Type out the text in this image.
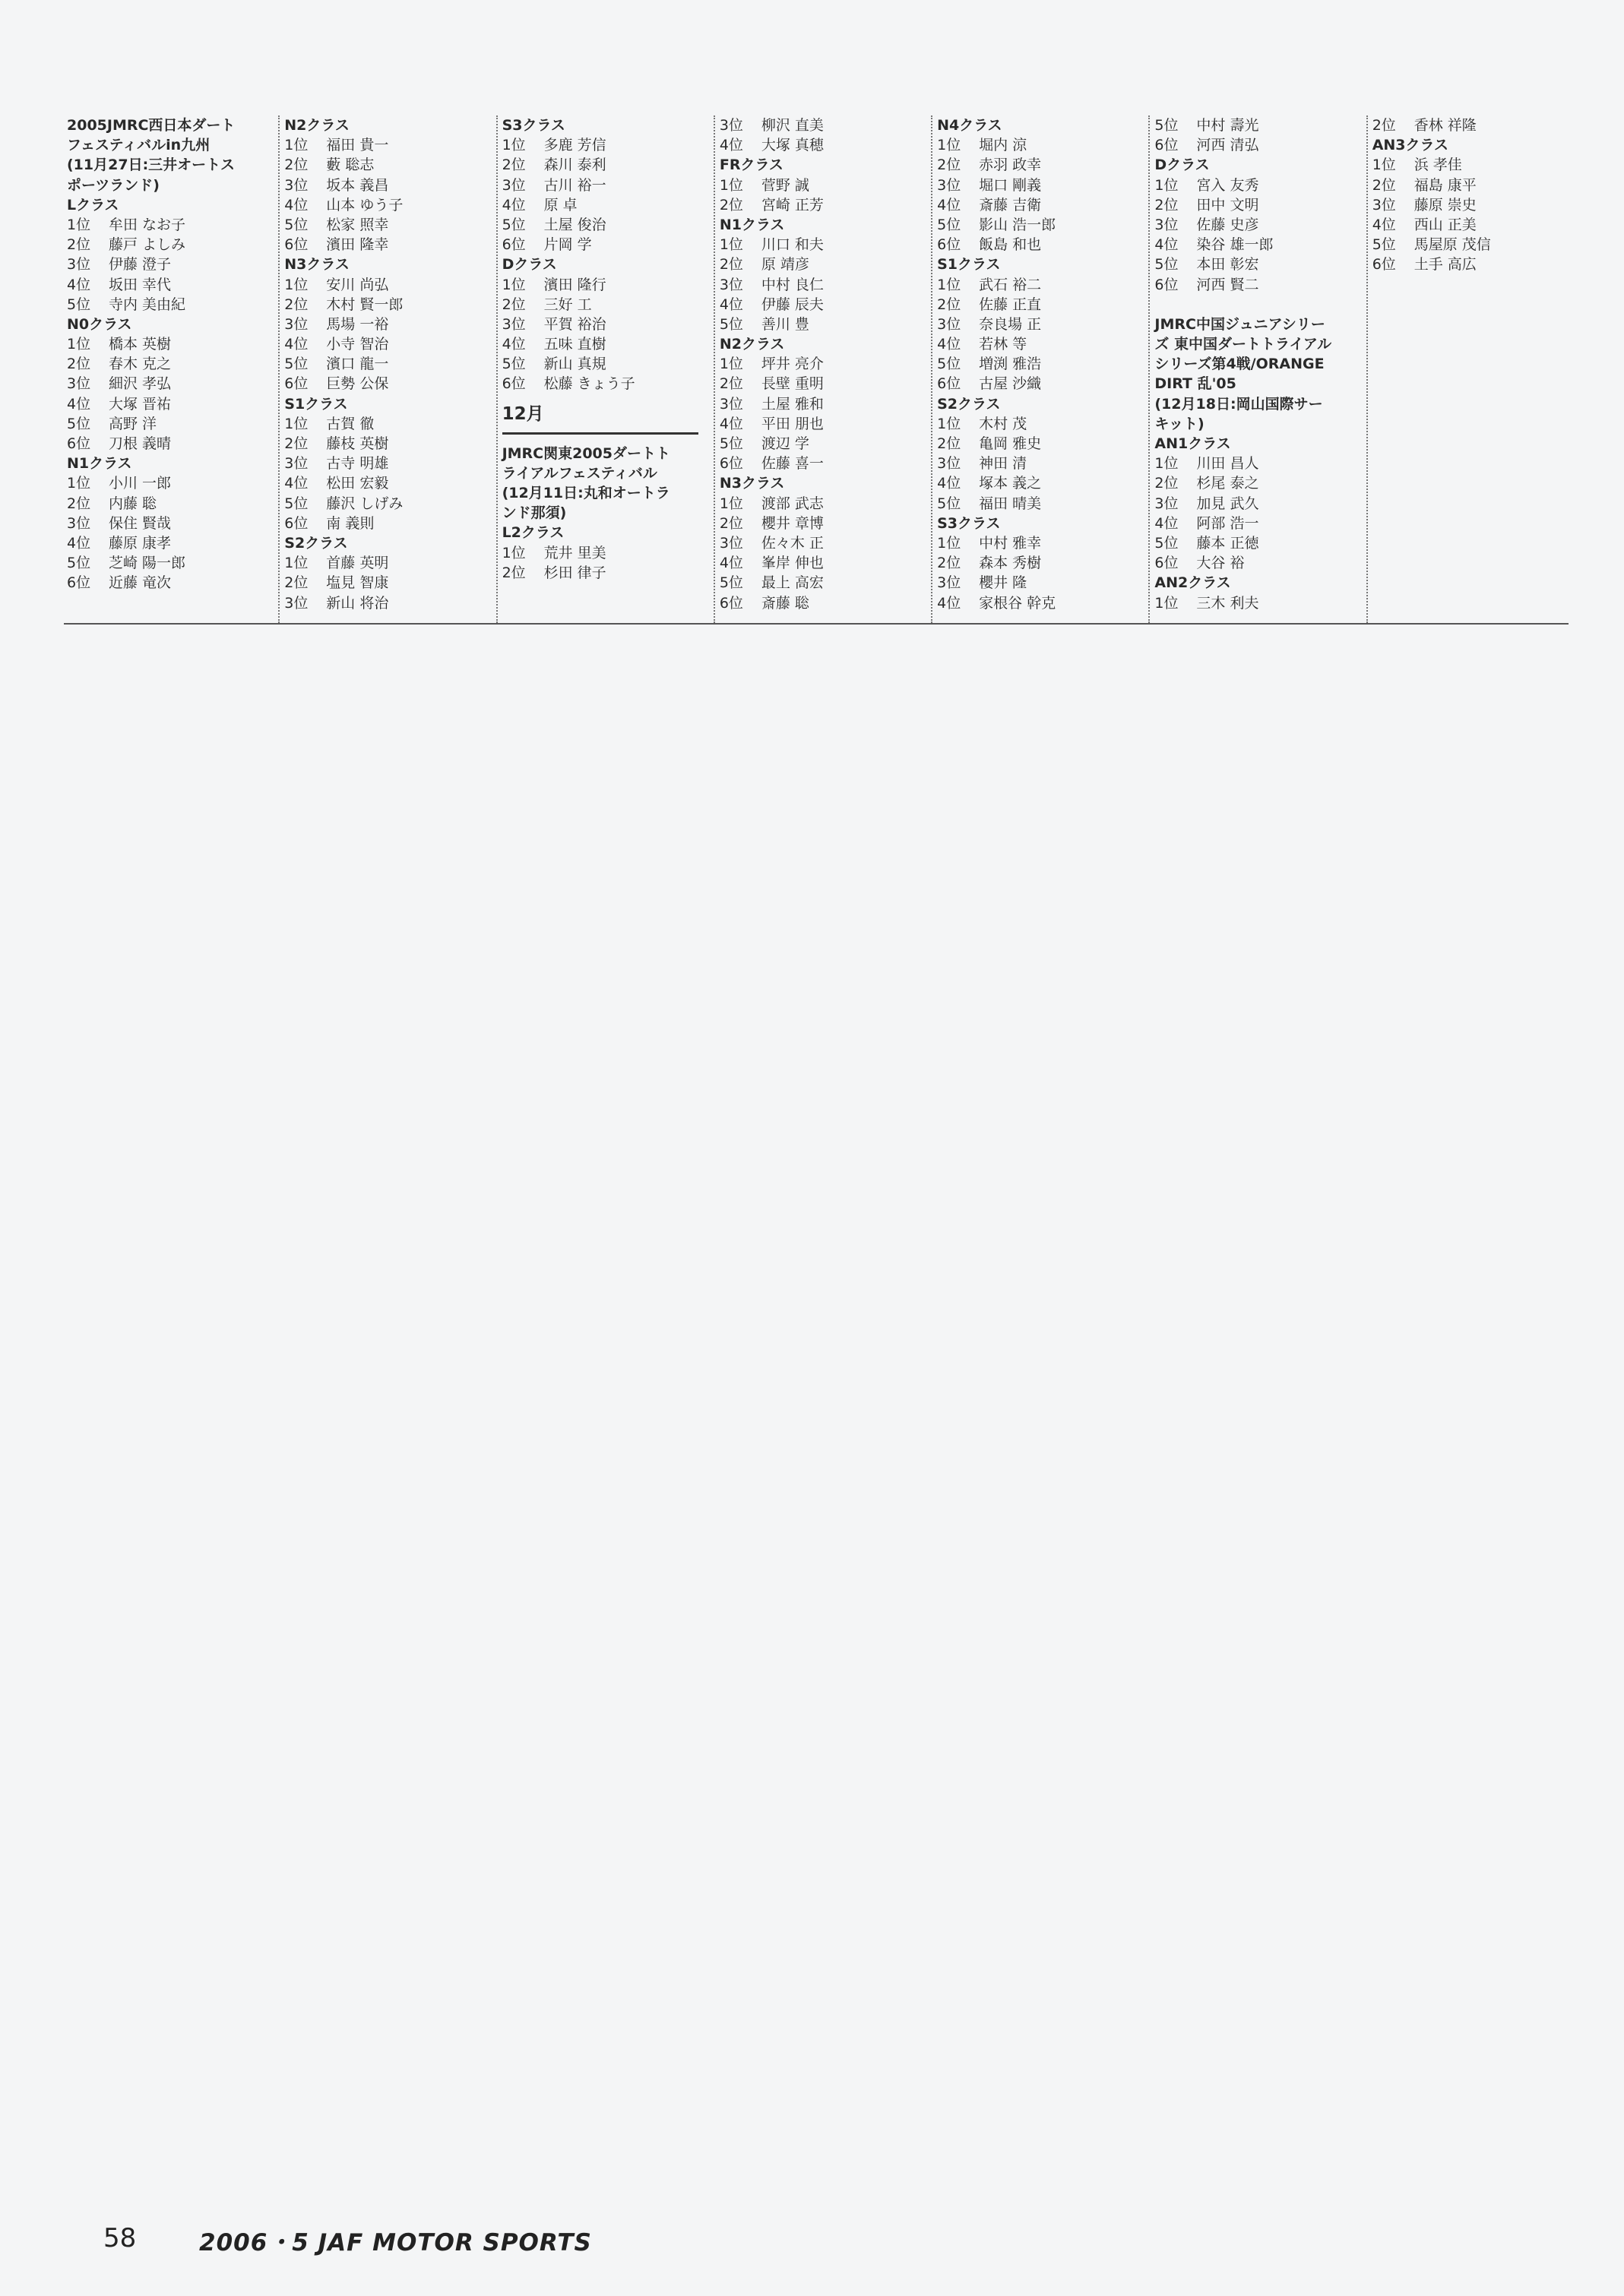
2005JMRC西日本ダート
フェスティバルin九州
(11月27日:三井オートス
ポーツランド)
Lクラス
1位 牟田 なお子
2位 藤戸 よしみ
3位 伊藤 澄子
4位 坂田 幸代
5位 寺内 美由紀
N0クラス
1位 橋本 英樹
2位 春木 克之
3位 細沢 孝弘
4位 大塚 晋祐
5位 高野 洋
6位 刀根 義晴
N1クラス
1位 小川 一郎
2位 内藤 聡
3位 保住 賢哉
4位 藤原 康孝
5位 芝崎 陽一郎
6位 近藤 竜次
N2クラス
1位 福田 貴一
2位 藪 聡志
3位 坂本 義昌
4位 山本 ゆう子
5位 松家 照幸
6位 濱田 隆幸
N3クラス
1位 安川 尚弘
2位 木村 賢一郎
3位 馬場 一裕
4位 小寺 智治
5位 濱口 龍一
6位 巨勢 公保
S1クラス
1位 古賀 徹
2位 藤枝 英樹
3位 古寺 明雄
4位 松田 宏毅
5位 藤沢 しげみ
6位 南 義則
S2クラス
1位 首藤 英明
2位 塩見 智康
3位 新山 将治
S3クラス
1位 多鹿 芳信
2位 森川 泰利
3位 古川 裕一
4位 原 卓
5位 土屋 俊治
6位 片岡 学
Dクラス
1位 濱田 隆行
2位 三好 工
3位 平賀 裕治
4位 五味 直樹
5位 新山 真規
6位 松藤 きょう子
12月
JMRC関東2005ダートト
ライアルフェスティバル
(12月11日:丸和オートラ
ンド那須)
L2クラス
1位 荒井 里美
2位 杉田 律子
3位 柳沢 直美
4位 大塚 真穂
FRクラス
1位 菅野 誠
2位 宮崎 正芳
N1クラス
1位 川口 和夫
2位 原 靖彦
3位 中村 良仁
4位 伊藤 辰夫
5位 善川 豊
N2クラス
1位 坪井 亮介
2位 長壁 重明
3位 土屋 雅和
4位 平田 朋也
5位 渡辺 学
6位 佐藤 喜一
N3クラス
1位 渡部 武志
2位 櫻井 章博
3位 佐々木 正
4位 峯岸 伸也
5位 最上 高宏
6位 斎藤 聡
N4クラス
1位 堀内 涼
2位 赤羽 政幸
3位 堀口 剛義
4位 斎藤 吉衛
5位 影山 浩一郎
6位 飯島 和也
S1クラス
1位 武石 裕二
2位 佐藤 正直
3位 奈良場 正
4位 若林 等
5位 増渕 雅浩
6位 古屋 沙織
S2クラス
1位 木村 茂
2位 亀岡 雅史
3位 神田 清
4位 塚本 義之
5位 福田 晴美
S3クラス
1位 中村 雅幸
2位 森本 秀樹
3位 櫻井 隆
4位 家根谷 幹克
5位 中村 壽光
6位 河西 清弘
Dクラス
1位 宮入 友秀
2位 田中 文明
3位 佐藤 史彦
4位 染谷 雄一郎
5位 本田 彰宏
6位 河西 賢二
JMRC中国ジュニアシリー
ズ 東中国ダートトライアル
シリーズ第4戦/ORANGE
DIRT 乱'05
(12月18日:岡山国際サー
キット)
AN1クラス
1位 川田 昌人
2位 杉尾 泰之
3位 加見 武久
4位 阿部 浩一
5位 藤本 正徳
6位 大谷 裕
AN2クラス
1位 三木 利夫
2位 香林 祥隆
AN3クラス
1位 浜 孝佳
2位 福島 康平
3位 藤原 崇史
4位 西山 正美
5位 馬屋原 茂信
6位 土手 高広
58	2006・5 JAF MOTOR SPORTS
